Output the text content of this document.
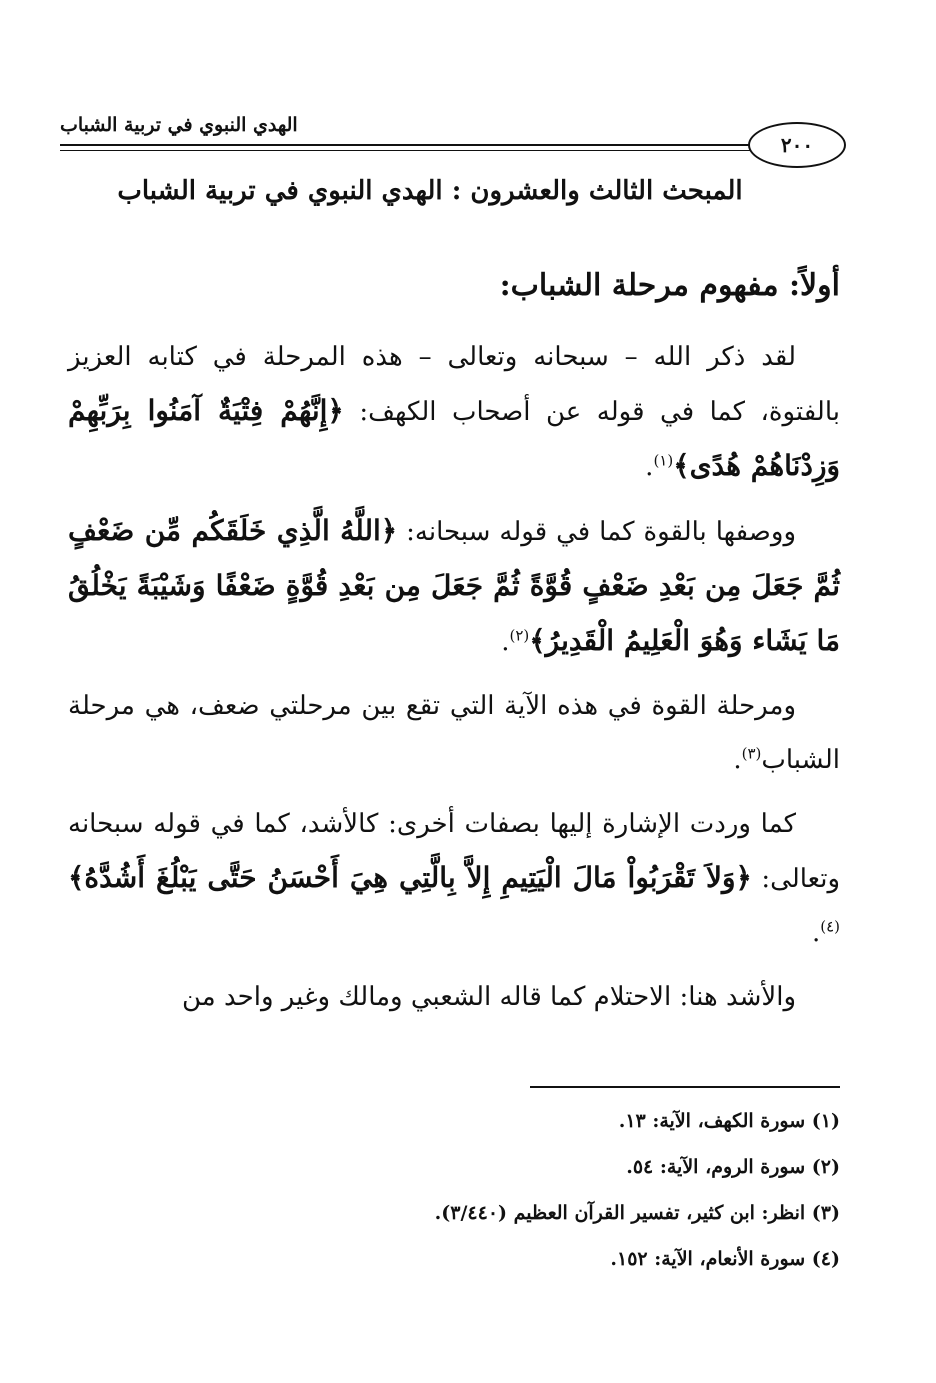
الهدي النبوي في تربية الشباب
٢٠٠
المبحث الثالث والعشرون : الهدي النبوي في تربية الشباب
أولاً: مفهوم مرحلة الشباب:

لقد ذكر الله – سبحانه وتعالى – هذه المرحلة في كتابه العزيز بالفتوة، كما في قوله عن أصحاب الكهف: ﴿إِنَّهُمْ فِتْيَةٌ آمَنُوا بِرَبِّهِمْ وَزِدْنَاهُمْ هُدًى﴾$^{(١)}$.

ووصفها بالقوة كما في قوله سبحانه: ﴿اللَّهُ الَّذِي خَلَقَكُم مِّن ضَعْفٍ ثُمَّ جَعَلَ مِن بَعْدِ ضَعْفٍ قُوَّةً ثُمَّ جَعَلَ مِن بَعْدِ قُوَّةٍ ضَعْفًا وَشَيْبَةً يَخْلُقُ مَا يَشَاء وَهُوَ الْعَلِيمُ الْقَدِيرُ﴾$^{(٢)}$.

ومرحلة القوة في هذه الآية التي تقع بين مرحلتي ضعف، هي مرحلة الشباب$^{(٣)}$.

كما وردت الإشارة إليها بصفات أخرى: كالأشد، كما في قوله سبحانه وتعالى: ﴿وَلاَ تَقْرَبُواْ مَالَ الْيَتِيمِ إِلاَّ بِالَّتِي هِيَ أَحْسَنُ حَتَّى يَبْلُغَ أَشُدَّهُ﴾$^{(٤)}$.

والأشد هنا: الاحتلام كما قاله الشعبي ومالك وغير واحد من

(١) سورة الكهف، الآية: ١٣.
(٢) سورة الروم، الآية: ٥٤.
(٣) انظر: ابن كثير، تفسير القرآن العظيم (٣/٤٤٠).
(٤) سورة الأنعام، الآية: ١٥٢.
